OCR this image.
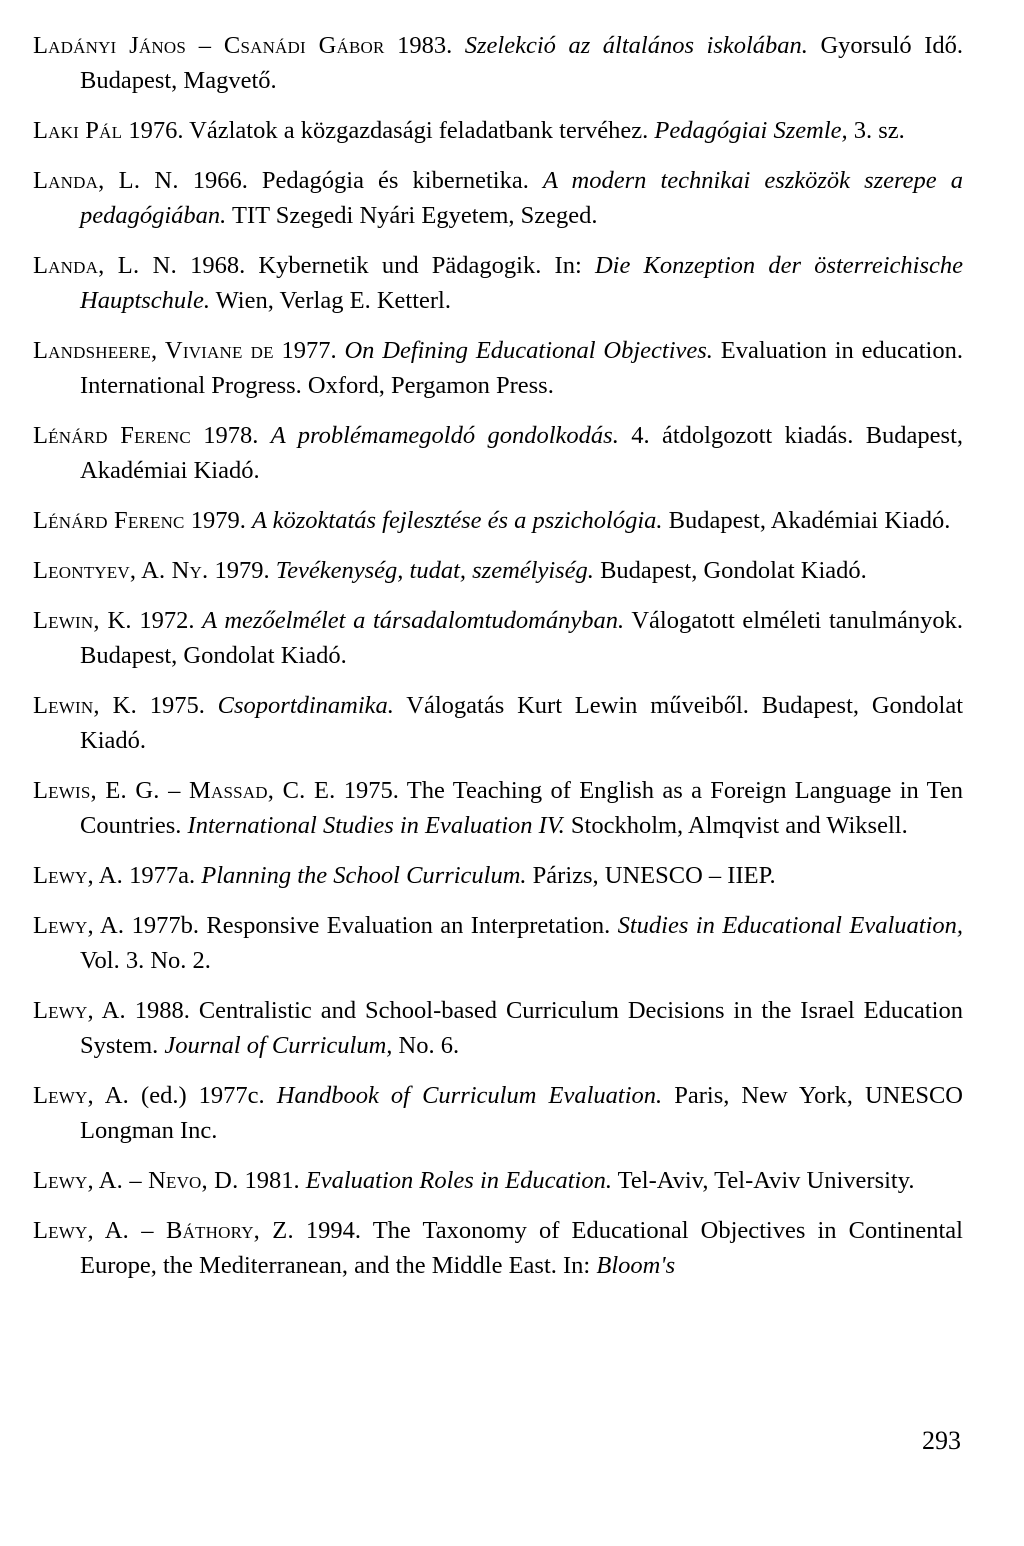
Ladányi János – Csanádi Gábor 1983. Szelekció az általános iskolában. Gyorsuló Idő. Budapest, Magvető.

Laki Pál 1976. Vázlatok a közgazdasági feladatbank tervéhez. Pedagógiai Szemle, 3. sz.

Landa, L. N. 1966. Pedagógia és kibernetika. A modern technikai eszközök szerepe a pedagógiában. TIT Szegedi Nyári Egyetem, Szeged.

Landa, L. N. 1968. Kybernetik und Pädagogik. In: Die Konzeption der österreichische Hauptschule. Wien, Verlag E. Ketterl.

Landsheere, Viviane de 1977. On Defining Educational Objectives. Evaluation in education. International Progress. Oxford, Pergamon Press.

Lénárd Ferenc 1978. A problémamegoldó gondolkodás. 4. átdolgozott kiadás. Budapest, Akadémiai Kiadó.

Lénárd Ferenc 1979. A közoktatás fejlesztése és a pszichológia. Budapest, Akadémiai Kiadó.

Leontyev, A. Ny. 1979. Tevékenység, tudat, személyiség. Budapest, Gondolat Kiadó.

Lewin, K. 1972. A mezőelmélet a társadalomtudományban. Válogatott elméleti tanulmányok. Budapest, Gondolat Kiadó.

Lewin, K. 1975. Csoportdinamika. Válogatás Kurt Lewin műveiből. Budapest, Gondolat Kiadó.

Lewis, E. G. – Massad, C. E. 1975. The Teaching of English as a Foreign Language in Ten Countries. International Studies in Evaluation IV. Stockholm, Almqvist and Wiksell.

Lewy, A. 1977a. Planning the School Curriculum. Párizs, UNESCO – IIEP.

Lewy, A. 1977b. Responsive Evaluation an Interpretation. Studies in Educational Evaluation, Vol. 3. No. 2.

Lewy, A. 1988. Centralistic and School-based Curriculum Decisions in the Israel Education System. Journal of Curriculum, No. 6.

Lewy, A. (ed.) 1977c. Handbook of Curriculum Evaluation. Paris, New York, UNESCO Longman Inc.

Lewy, A. – Nevo, D. 1981. Evaluation Roles in Education. Tel-Aviv, Tel-Aviv University.

Lewy, A. – Báthory, Z. 1994. The Taxonomy of Educational Objectives in Continental Europe, the Mediterranean, and the Middle East. In: Bloom's

293
